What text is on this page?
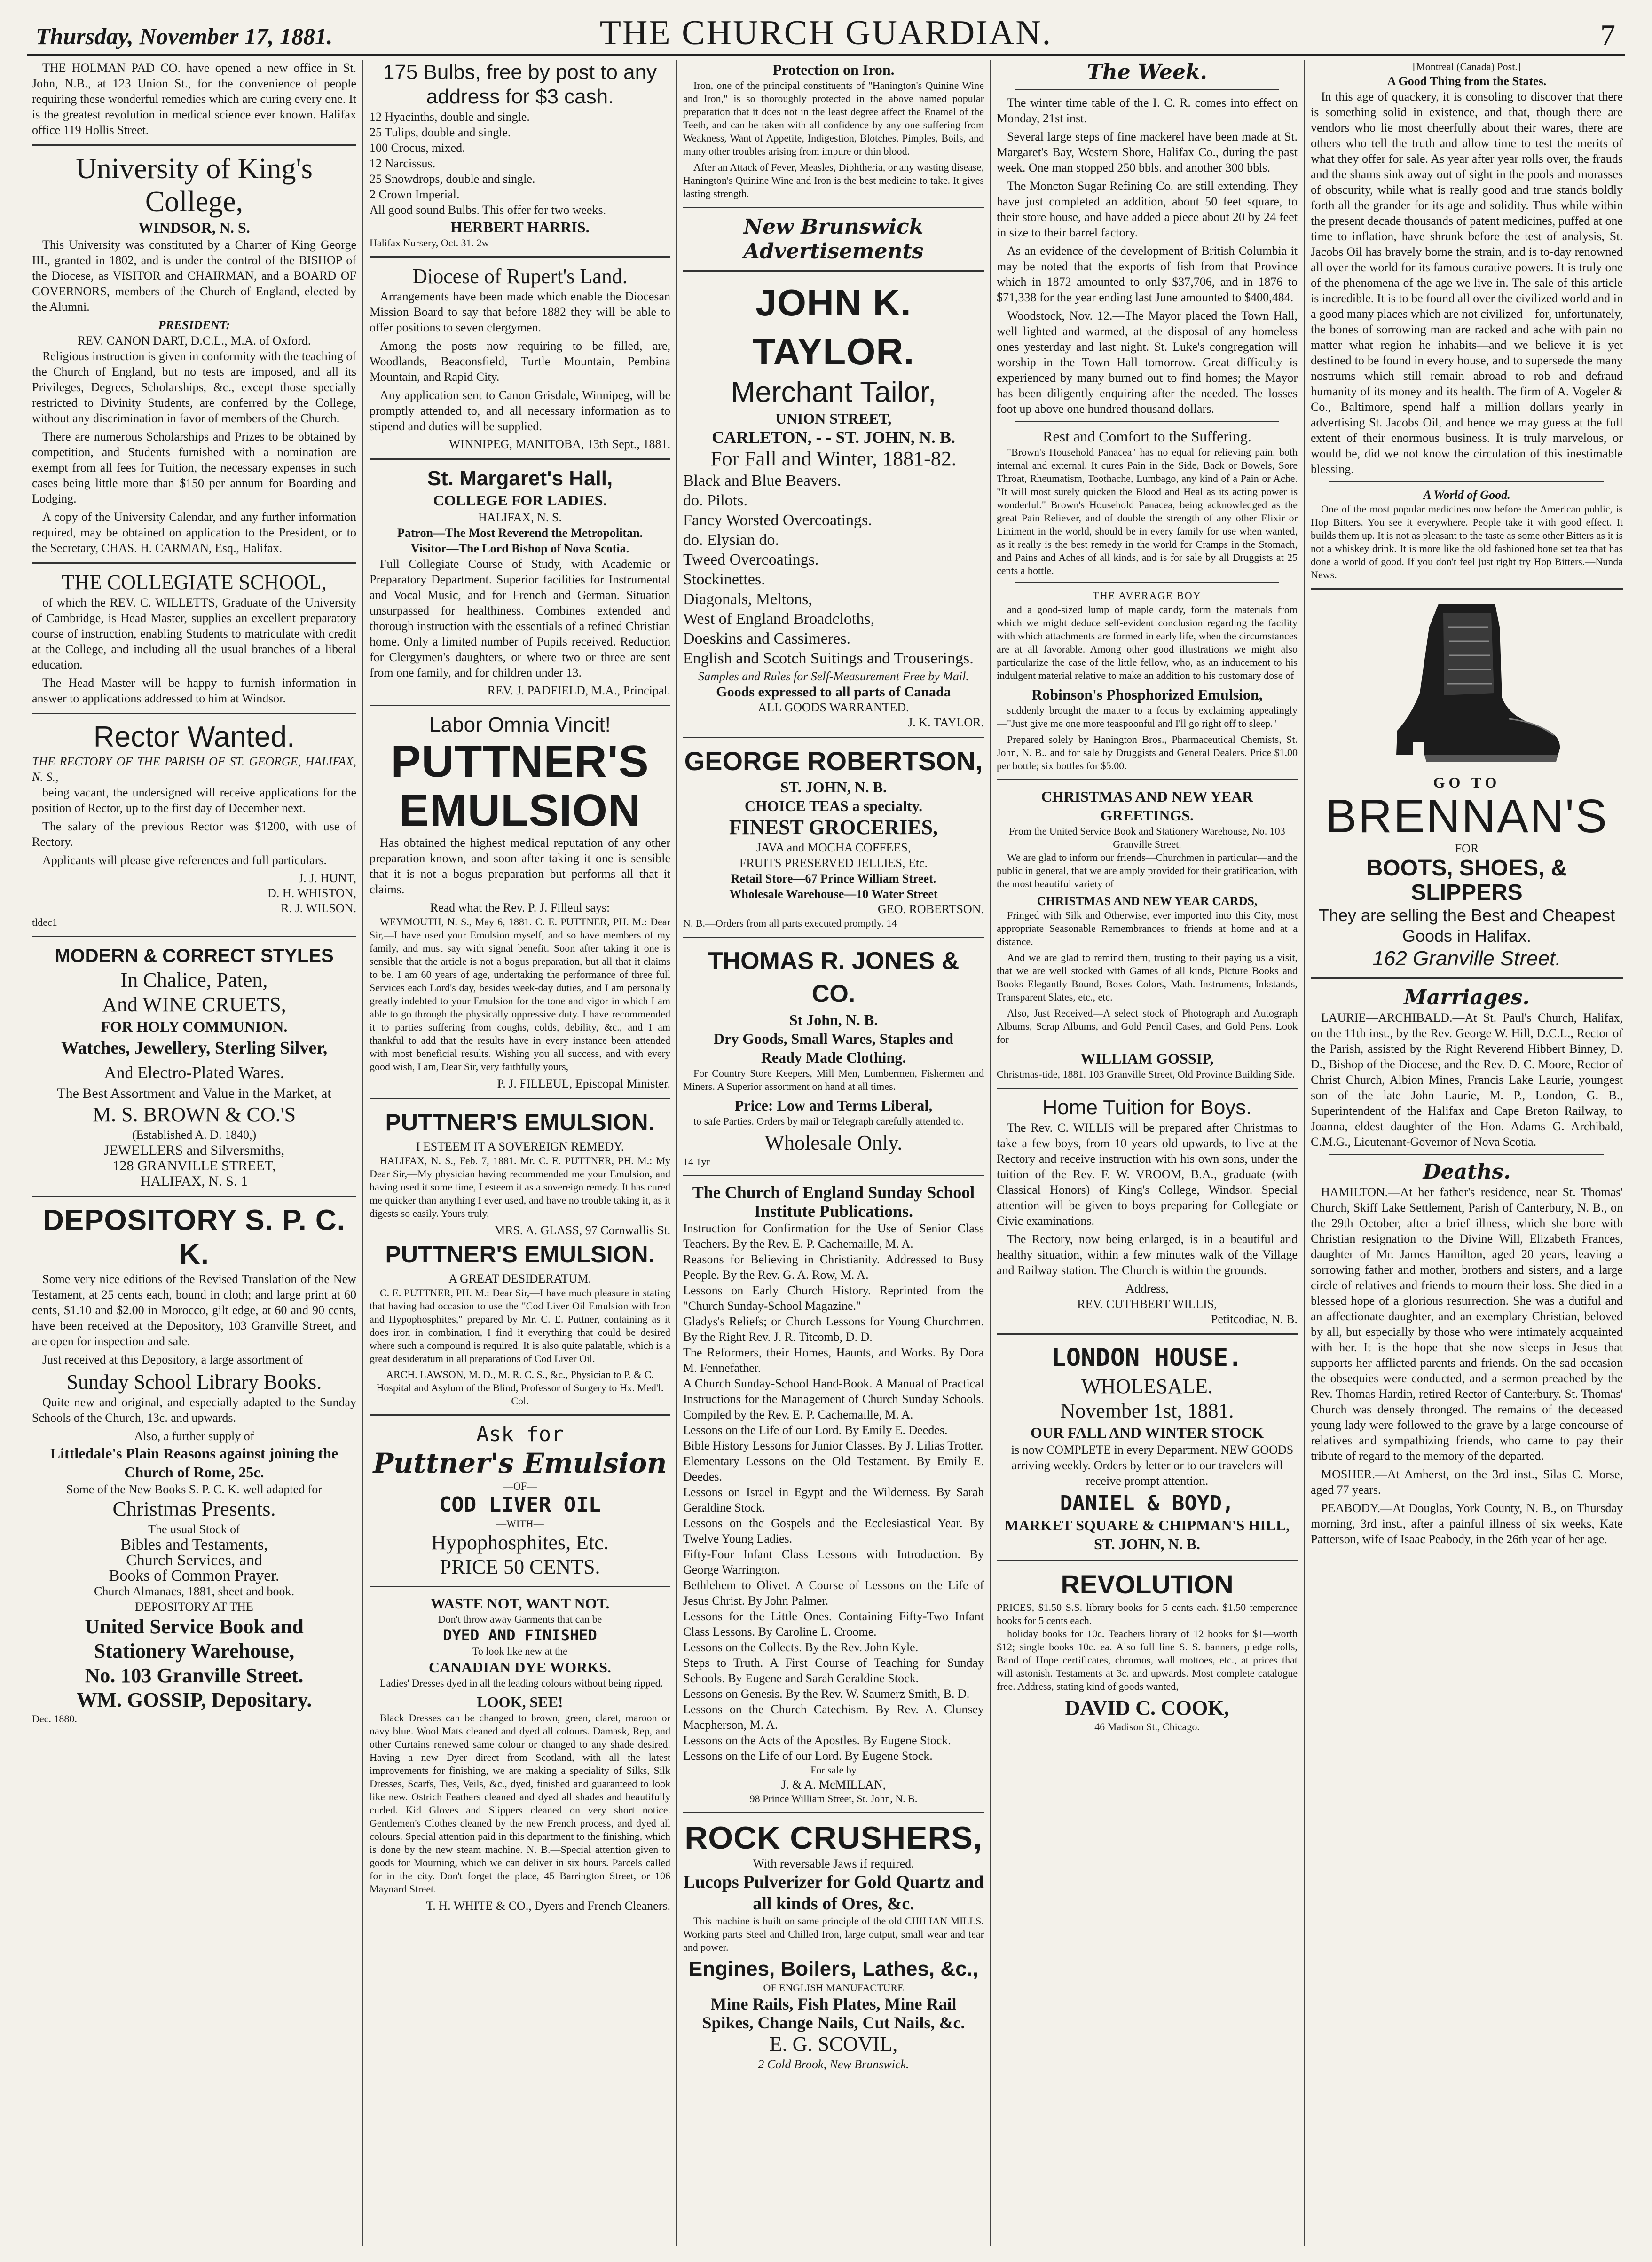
Thursday, November 17, 1881.	THE CHURCH GUARDIAN.	7

THE HOLMAN PAD CO. have opened a new office in St. John, N.B., at 123 Union St., for the convenience of people requiring these wonderful remedies which are curing every one. It is the greatest revolution in medical science ever known. Halifax office 119 Hollis Street.

University of King's College,
WINDSOR, N. S.

This University was constituted by a Charter of King George III., granted in 1802, and is under the control of the BISHOP of the Diocese, as VISITOR and CHAIRMAN, and a BOARD OF GOVERNORS, members of the Church of England, elected by the Alumni.

PRESIDENT:
REV. CANON DART, D.C.L., M.A. of Oxford.

Religious instruction is given in conformity with the teaching of the Church of England, but no tests are imposed, and all its Privileges, Degrees, Scholarships, &c., except those specially restricted to Divinity Students, are conferred by the College, without any discrimination in favor of members of the Church.

There are numerous Scholarships and Prizes to be obtained by competition, and Students furnished with a nomination are exempt from all fees for Tuition, the necessary expenses in such cases being little more than $150 per annum for Boarding and Lodging.

A copy of the University Calendar, and any further information required, may be obtained on application to the President, or to the Secretary, CHAS. H. CARMAN, Esq., Halifax.

THE COLLEGIATE SCHOOL,

of which the REV. C. WILLETTS, Graduate of the University of Cambridge, is Head Master, supplies an excellent preparatory course of instruction, enabling Students to matriculate with credit at the College, and including all the usual branches of a liberal education.

The Head Master will be happy to furnish information in answer to applications addressed to him at Windsor.

Rector Wanted.
THE RECTORY OF THE PARISH OF ST. GEORGE, HALIFAX, N. S.,

being vacant, the undersigned will receive applications for the position of Rector, up to the first day of December next.

The salary of the previous Rector was $1200, with use of Rectory.

Applicants will please give references and full particulars.

J. J. HUNT,
D. H. WHISTON,
R. J. WILSON.
tldec1
MODERN & CORRECT STYLES
In Chalice, Paten,
And WINE CRUETS,
FOR HOLY COMMUNION.
Watches, Jewellery, Sterling Silver,
And Electro-Plated Wares.
The Best Assortment and Value in the Market, at
M. S. BROWN & CO.'S
(Established A. D. 1840,)
JEWELLERS and Silversmiths,
128 GRANVILLE STREET,
HALIFAX, N. S. 1
DEPOSITORY S. P. C. K.

Some very nice editions of the Revised Translation of the New Testament, at 25 cents each, bound in cloth; and large print at 60 cents, $1.10 and $2.00 in Morocco, gilt edge, at 60 and 90 cents, have been received at the Depository, 103 Granville Street, and are open for inspection and sale.

Just received at this Depository, a large assortment of

Sunday School Library Books.

Quite new and original, and especially adapted to the Sunday Schools of the Church, 13c. and upwards.

Also, a further supply of
Littledale's Plain Reasons against joining the Church of Rome, 25c.
Some of the New Books S. P. C. K. well adapted for
Christmas Presents.
The usual Stock of
Bibles and Testaments,
Church Services, and
Books of Common Prayer.
Church Almanacs, 1881, sheet and book.
DEPOSITORY AT THE
United Service Book and
Stationery Warehouse,
No. 103 Granville Street.
WM. GOSSIP, Depositary.
Dec. 1880.
175 Bulbs, free by post to any address for $3 cash.
12 Hyacinths, double and single.
25 Tulips, double and single.
100 Crocus, mixed.
12 Narcissus.
25 Snowdrops, double and single.
2 Crown Imperial.
All good sound Bulbs. This offer for two weeks.
HERBERT HARRIS.
Halifax Nursery, Oct. 31. 2w
Diocese of Rupert's Land.

Arrangements have been made which enable the Diocesan Mission Board to say that before 1882 they will be able to offer positions to seven clergymen.

Among the posts now requiring to be filled, are, Woodlands, Beaconsfield, Turtle Mountain, Pembina Mountain, and Rapid City.

Any application sent to Canon Grisdale, Winnipeg, will be promptly attended to, and all necessary information as to stipend and duties will be supplied.

WINNIPEG, MANITOBA, 13th Sept., 1881.
St. Margaret's Hall,
COLLEGE FOR LADIES.
HALIFAX, N. S.
Patron—The Most Reverend the Metropolitan.
Visitor—The Lord Bishop of Nova Scotia.

Full Collegiate Course of Study, with Academic or Preparatory Department. Superior facilities for Instrumental and Vocal Music, and for French and German. Situation unsurpassed for healthiness. Combines extended and thorough instruction with the essentials of a refined Christian home. Only a limited number of Pupils received. Reduction for Clergymen's daughters, or where two or three are sent from one family, and for children under 13.

REV. J. PADFIELD, M.A., Principal.
Labor Omnia Vincit!
PUTTNER'S EMULSION

Has obtained the highest medical reputation of any other preparation known, and soon after taking it one is sensible that it is not a bogus preparation but performs all that it claims.

Read what the Rev. P. J. Filleul says:

WEYMOUTH, N. S., May 6, 1881. C. E. PUTTNER, PH. M.: Dear Sir,—I have used your Emulsion myself, and so have members of my family, and must say with signal benefit. Soon after taking it one is sensible that the article is not a bogus preparation, but all that it claims to be. I am 60 years of age, undertaking the performance of three full Services each Lord's day, besides week-day duties, and I am personally greatly indebted to your Emulsion for the tone and vigor in which I am able to go through the physically oppressive duty. I have recommended it to parties suffering from coughs, colds, debility, &c., and I am thankful to add that the results have in every instance been attended with most beneficial results. Wishing you all success, and with every good wish, I am, Dear Sir, very faithfully yours,

P. J. FILLEUL, Episcopal Minister.
PUTTNER'S EMULSION.
I ESTEEM IT A SOVEREIGN REMEDY.

HALIFAX, N. S., Feb. 7, 1881. Mr. C. E. PUTTNER, PH. M.: My Dear Sir,—My physician having recommended me your Emulsion, and having used it some time, I esteem it as a sovereign remedy. It has cured me quicker than anything I ever used, and have no trouble taking it, as it digests so easily. Yours truly,

MRS. A. GLASS, 97 Cornwallis St.
PUTTNER'S EMULSION.
A GREAT DESIDERATUM.

C. E. PUTTNER, PH. M.: Dear Sir,—I have much pleasure in stating that having had occasion to use the "Cod Liver Oil Emulsion with Iron and Hypophosphites," prepared by Mr. C. E. Puttner, containing as it does iron in combination, I find it everything that could be desired where such a compound is required. It is also quite palatable, which is a great desideratum in all preparations of Cod Liver Oil.

ARCH. LAWSON, M. D., M. R. C. S., &c., Physician to P. & C. Hospital and Asylum of the Blind, Professor of Surgery to Hx. Med'l. Col.
Ask for
Puttner's Emulsion
—OF—
COD LIVER OIL
—WITH—
Hypophosphites, Etc.
PRICE 50 CENTS.
WASTE NOT, WANT NOT.
Don't throw away Garments that can be
DYED AND FINISHED
To look like new at the
CANADIAN DYE WORKS.

Ladies' Dresses dyed in all the leading colours without being ripped.

LOOK, SEE!

Black Dresses can be changed to brown, green, claret, maroon or navy blue. Wool Mats cleaned and dyed all colours. Damask, Rep, and other Curtains renewed same colour or changed to any shade desired. Having a new Dyer direct from Scotland, with all the latest improvements for finishing, we are making a speciality of Silks, Silk Dresses, Scarfs, Ties, Veils, &c., dyed, finished and guaranteed to look like new. Ostrich Feathers cleaned and dyed all shades and beautifully curled. Kid Gloves and Slippers cleaned on very short notice. Gentlemen's Clothes cleaned by the new French process, and dyed all colours. Special attention paid in this department to the finishing, which is done by the new steam machine. N. B.—Special attention given to goods for Mourning, which we can deliver in six hours. Parcels called for in the city. Don't forget the place, 45 Barrington Street, or 106 Maynard Street.

T. H. WHITE & CO., Dyers and French Cleaners.
Protection on Iron.

Iron, one of the principal constituents of "Hanington's Quinine Wine and Iron," is so thoroughly protected in the above named popular preparation that it does not in the least degree affect the Enamel of the Teeth, and can be taken with all confidence by any one suffering from Weakness, Want of Appetite, Indigestion, Blotches, Pimples, Boils, and many other troubles arising from impure or thin blood.

After an Attack of Fever, Measles, Diphtheria, or any wasting disease, Hanington's Quinine Wine and Iron is the best medicine to take. It gives lasting strength.

New Brunswick Advertisements
JOHN K. TAYLOR.
Merchant Tailor,
UNION STREET,
CARLETON, - - ST. JOHN, N. B.
For Fall and Winter, 1881-82.
Black and Blue Beavers.
do. Pilots.
Fancy Worsted Overcoatings.
do. Elysian do.
Tweed Overcoatings.
Stockinettes.
Diagonals, Meltons,
West of England Broadcloths,
Doeskins and Cassimeres.
English and Scotch Suitings and Trouserings.
Samples and Rules for Self-Measurement Free by Mail.
Goods expressed to all parts of Canada
ALL GOODS WARRANTED.
J. K. TAYLOR.
GEORGE ROBERTSON,
ST. JOHN, N. B.
CHOICE TEAS a specialty.
FINEST GROCERIES,
JAVA and MOCHA COFFEES,
FRUITS PRESERVED JELLIES, Etc.
Retail Store—67 Prince William Street.
Wholesale Warehouse—10 Water Street
GEO. ROBERTSON.
N. B.—Orders from all parts executed promptly. 14
THOMAS R. JONES & CO.
St John, N. B.
Dry Goods, Small Wares, Staples and
Ready Made Clothing.

For Country Store Keepers, Mill Men, Lumbermen, Fishermen and Miners. A Superior assortment on hand at all times.

Price: Low and Terms Liberal,

to safe Parties. Orders by mail or Telegraph carefully attended to.

Wholesale Only.
14 1yr
The Church of England Sunday School Institute Publications.
Instruction for Confirmation for the Use of Senior Class Teachers. By the Rev. E. P. Cachemaille, M. A.
Reasons for Believing in Christianity. Addressed to Busy People. By the Rev. G. A. Row, M. A.
Lessons on Early Church History. Reprinted from the "Church Sunday-School Magazine."
Gladys's Reliefs; or Church Lessons for Young Churchmen. By the Right Rev. J. R. Titcomb, D. D.
The Reformers, their Homes, Haunts, and Works. By Dora M. Fennefather.
A Church Sunday-School Hand-Book. A Manual of Practical Instructions for the Management of Church Sunday Schools. Compiled by the Rev. E. P. Cachemaille, M. A.
Lessons on the Life of our Lord. By Emily E. Deedes.
Bible History Lessons for Junior Classes. By J. Lilias Trotter.
Elementary Lessons on the Old Testament. By Emily E. Deedes.
Lessons on Israel in Egypt and the Wilderness. By Sarah Geraldine Stock.
Lessons on the Gospels and the Ecclesiastical Year. By Twelve Young Ladies.
Fifty-Four Infant Class Lessons with Introduction. By George Warrington.
Bethlehem to Olivet. A Course of Lessons on the Life of Jesus Christ. By John Palmer.
Lessons for the Little Ones. Containing Fifty-Two Infant Class Lessons. By Caroline L. Croome.
Lessons on the Collects. By the Rev. John Kyle.
Steps to Truth. A First Course of Teaching for Sunday Schools. By Eugene and Sarah Geraldine Stock.
Lessons on Genesis. By the Rev. W. Saumerz Smith, B. D.
Lessons on the Church Catechism. By Rev. A. Clunsey Macpherson, M. A.
Lessons on the Acts of the Apostles. By Eugene Stock.
Lessons on the Life of our Lord. By Eugene Stock.
For sale by
J. & A. McMILLAN,
98 Prince William Street, St. John, N. B.
ROCK CRUSHERS,
With reversable Jaws if required.
Lucops Pulverizer for Gold Quartz and all kinds of Ores, &c.

This machine is built on same principle of the old CHILIAN MILLS. Working parts Steel and Chilled Iron, large output, small wear and tear and power.

Engines, Boilers, Lathes, &c.,
OF ENGLISH MANUFACTURE
Mine Rails, Fish Plates, Mine Rail Spikes, Change Nails, Cut Nails, &c.
E. G. SCOVIL,
2 Cold Brook, New Brunswick.
The Week.

The winter time table of the I. C. R. comes into effect on Monday, 21st inst.

Several large steps of fine mackerel have been made at St. Margaret's Bay, Western Shore, Halifax Co., during the past week. One man stopped 250 bbls. and another 300 bbls.

The Moncton Sugar Refining Co. are still extending. They have just completed an addition, about 50 feet square, to their store house, and have added a piece about 20 by 24 feet in size to their barrel factory.

As an evidence of the development of British Columbia it may be noted that the exports of fish from that Province which in 1872 amounted to only $37,706, and in 1876 to $71,338 for the year ending last June amounted to $400,484.

Woodstock, Nov. 12.—The Mayor placed the Town Hall, well lighted and warmed, at the disposal of any homeless ones yesterday and last night. St. Luke's congregation will worship in the Town Hall tomorrow. Great difficulty is experienced by many burned out to find homes; the Mayor has been diligently enquiring after the needed. The losses foot up above one hundred thousand dollars.

Rest and Comfort to the Suffering.

"Brown's Household Panacea" has no equal for relieving pain, both internal and external. It cures Pain in the Side, Back or Bowels, Sore Throat, Rheumatism, Toothache, Lumbago, any kind of a Pain or Ache. "It will most surely quicken the Blood and Heal as its acting power is wonderful." Brown's Household Panacea, being acknowledged as the great Pain Reliever, and of double the strength of any other Elixir or Liniment in the world, should be in every family for use when wanted, as it really is the best remedy in the world for Cramps in the Stomach, and Pains and Aches of all kinds, and is for sale by all Druggists at 25 cents a bottle.

THE AVERAGE BOY

and a good-sized lump of maple candy, form the materials from which we might deduce self-evident conclusion regarding the facility with which attachments are formed in early life, when the circumstances are at all favorable. Among other good illustrations we might also particularize the case of the little fellow, who, as an inducement to his indulgent material relative to make an addition to his customary dose of

Robinson's Phosphorized Emulsion,

suddenly brought the matter to a focus by exclaiming appealingly—"Just give me one more teaspoonful and I'll go right off to sleep."

Prepared solely by Hanington Bros., Pharmaceutical Chemists, St. John, N. B., and for sale by Druggists and General Dealers. Price $1.00 per bottle; six bottles for $5.00.

CHRISTMAS AND NEW YEAR GREETINGS.
From the United Service Book and Stationery Warehouse, No. 103 Granville Street.

We are glad to inform our friends—Churchmen in particular—and the public in general, that we are amply provided for their gratification, with the most beautiful variety of

CHRISTMAS AND NEW YEAR CARDS,

Fringed with Silk and Otherwise, ever imported into this City, most appropriate Seasonable Remembrances to friends at home and at a distance.

And we are glad to remind them, trusting to their paying us a visit, that we are well stocked with Games of all kinds, Picture Books and Books Elegantly Bound, Boxes Colors, Math. Instruments, Inkstands, Transparent Slates, etc., etc.

Also, Just Received—A select stock of Photograph and Autograph Albums, Scrap Albums, and Gold Pencil Cases, and Gold Pens. Look for

WILLIAM GOSSIP,
Christmas-tide, 1881. 103 Granville Street, Old Province Building Side.
Home Tuition for Boys.

The Rev. C. WILLIS will be prepared after Christmas to take a few boys, from 10 years old upwards, to live at the Rectory and receive instruction with his own sons, under the tuition of the Rev. F. W. VROOM, B.A., graduate (with Classical Honors) of King's College, Windsor. Special attention will be given to boys preparing for Collegiate or Civic examinations.

The Rectory, now being enlarged, is in a beautiful and healthy situation, within a few minutes walk of the Village and Railway station. The Church is within the grounds.

Address,
REV. CUTHBERT WILLIS,
Petitcodiac, N. B.
LONDON HOUSE.
WHOLESALE.
November 1st, 1881.
OUR FALL AND WINTER STOCK

is now COMPLETE in every Department. NEW GOODS arriving weekly. Orders by letter or to our travelers will receive prompt attention.

DANIEL & BOYD,
MARKET SQUARE & CHIPMAN'S HILL,
ST. JOHN, N. B.
REVOLUTION
PRICES, $1.50 S.S. library books for 5 cents each. $1.50 temperance books for 5 cents each.

holiday books for 10c. Teachers library of 12 books for $1—worth $12; single books 10c. ea. Also full line S. S. banners, pledge rolls, Band of Hope certificates, chromos, wall mottoes, etc., at prices that will astonish. Testaments at 3c. and upwards. Most complete catalogue free. Address, stating kind of goods wanted,

DAVID C. COOK,
46 Madison St., Chicago.
[Montreal (Canada) Post.]
A Good Thing from the States.

In this age of quackery, it is consoling to discover that there is something solid in existence, and that, though there are vendors who lie most cheerfully about their wares, there are others who tell the truth and allow time to test the merits of what they offer for sale. As year after year rolls over, the frauds and the shams sink away out of sight in the pools and morasses of obscurity, while what is really good and true stands boldly forth all the grander for its age and solidity. Thus while within the present decade thousands of patent medicines, puffed at one time to inflation, have shrunk before the test of analysis, St. Jacobs Oil has bravely borne the strain, and is to-day renowned all over the world for its famous curative powers. It is truly one of the phenomena of the age we live in. The sale of this article is incredible. It is to be found all over the civilized world and in a good many places which are not civilized—for, unfortunately, the bones of sorrowing man are racked and ache with pain no matter what region he inhabits—and we believe it is yet destined to be found in every house, and to supersede the many nostrums which still remain abroad to rob and defraud humanity of its money and its health. The firm of A. Vogeler & Co., Baltimore, spend half a million dollars yearly in advertising St. Jacobs Oil, and hence we may guess at the full extent of their enormous business. It is truly marvelous, or would be, did we not know the circulation of this inestimable blessing.

A World of Good.

One of the most popular medicines now before the American public, is Hop Bitters. You see it everywhere. People take it with good effect. It builds them up. It is not as pleasant to the taste as some other Bitters as it is not a whiskey drink. It is more like the old fashioned bone set tea that has done a world of good. If you don't feel just right try Hop Bitters.—Nunda News.

GO TO
BRENNAN'S
FOR
BOOTS, SHOES, & SLIPPERS
They are selling the Best and Cheapest Goods in Halifax.
162 Granville Street.
Marriages.

LAURIE—ARCHIBALD.—At St. Paul's Church, Halifax, on the 11th inst., by the Rev. George W. Hill, D.C.L., Rector of the Parish, assisted by the Right Reverend Hibbert Binney, D. D., Bishop of the Diocese, and the Rev. D. C. Moore, Rector of Christ Church, Albion Mines, Francis Lake Laurie, youngest son of the late John Laurie, M. P., London, G. B., Superintendent of the Halifax and Cape Breton Railway, to Joanna, eldest daughter of the Hon. Adams G. Archibald, C.M.G., Lieutenant-Governor of Nova Scotia.

Deaths.

HAMILTON.—At her father's residence, near St. Thomas' Church, Skiff Lake Settlement, Parish of Canterbury, N. B., on the 29th October, after a brief illness, which she bore with Christian resignation to the Divine Will, Elizabeth Frances, daughter of Mr. James Hamilton, aged 20 years, leaving a sorrowing father and mother, brothers and sisters, and a large circle of relatives and friends to mourn their loss. She died in a blessed hope of a glorious resurrection. She was a dutiful and an affectionate daughter, and an exemplary Christian, beloved by all, but especially by those who were intimately acquainted with her. It is the hope that she now sleeps in Jesus that supports her afflicted parents and friends. On the sad occasion the obsequies were conducted, and a sermon preached by the Rev. Thomas Hardin, retired Rector of Canterbury. St. Thomas' Church was densely thronged. The remains of the deceased young lady were followed to the grave by a large concourse of relatives and sympathizing friends, who came to pay their tribute of regard to the memory of the departed.

MOSHER.—At Amherst, on the 3rd inst., Silas C. Morse, aged 77 years.

PEABODY.—At Douglas, York County, N. B., on Thursday morning, 3rd inst., after a painful illness of six weeks, Kate Patterson, wife of Isaac Peabody, in the 26th year of her age.
